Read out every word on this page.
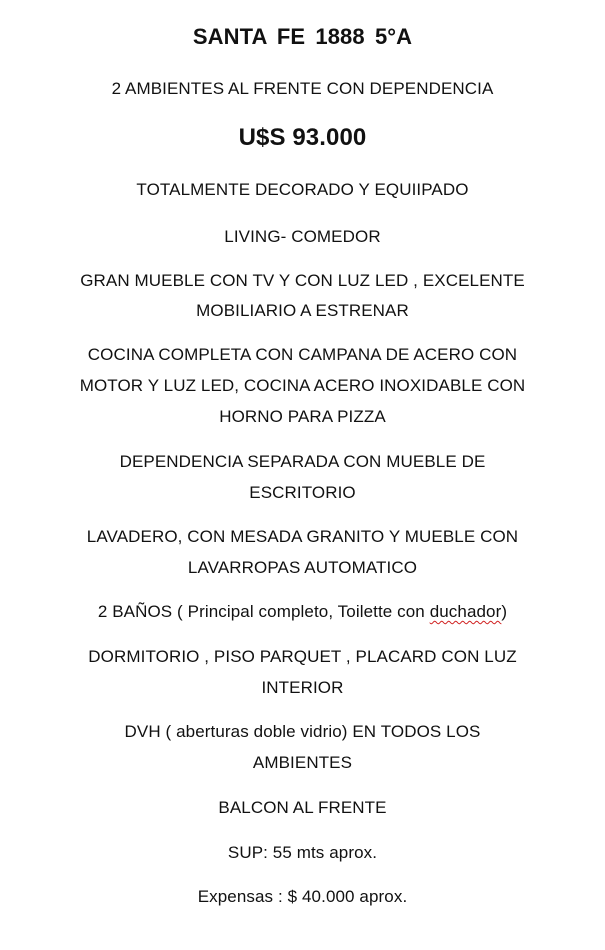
SANTA FE 1888 5°A
2 AMBIENTES AL FRENTE CON DEPENDENCIA
U$S 93.000
TOTALMENTE DECORADO Y EQUIIPADO
LIVING- COMEDOR
GRAN MUEBLE CON TV Y CON LUZ LED , EXCELENTE
MOBILIARIO A ESTRENAR
COCINA COMPLETA CON CAMPANA DE ACERO CON
MOTOR Y LUZ LED, COCINA ACERO INOXIDABLE CON
HORNO PARA PIZZA
DEPENDENCIA SEPARADA CON MUEBLE DE
ESCRITORIO
LAVADERO, CON MESADA GRANITO Y MUEBLE CON
LAVARROPAS AUTOMATICO
2 BAÑOS ( Principal completo, Toilette con duchador)
DORMITORIO , PISO PARQUET , PLACARD CON LUZ
INTERIOR
DVH ( aberturas doble vidrio) EN TODOS LOS
AMBIENTES
BALCON AL FRENTE
SUP: 55 mts aprox.
Expensas : $ 40.000 aprox.
